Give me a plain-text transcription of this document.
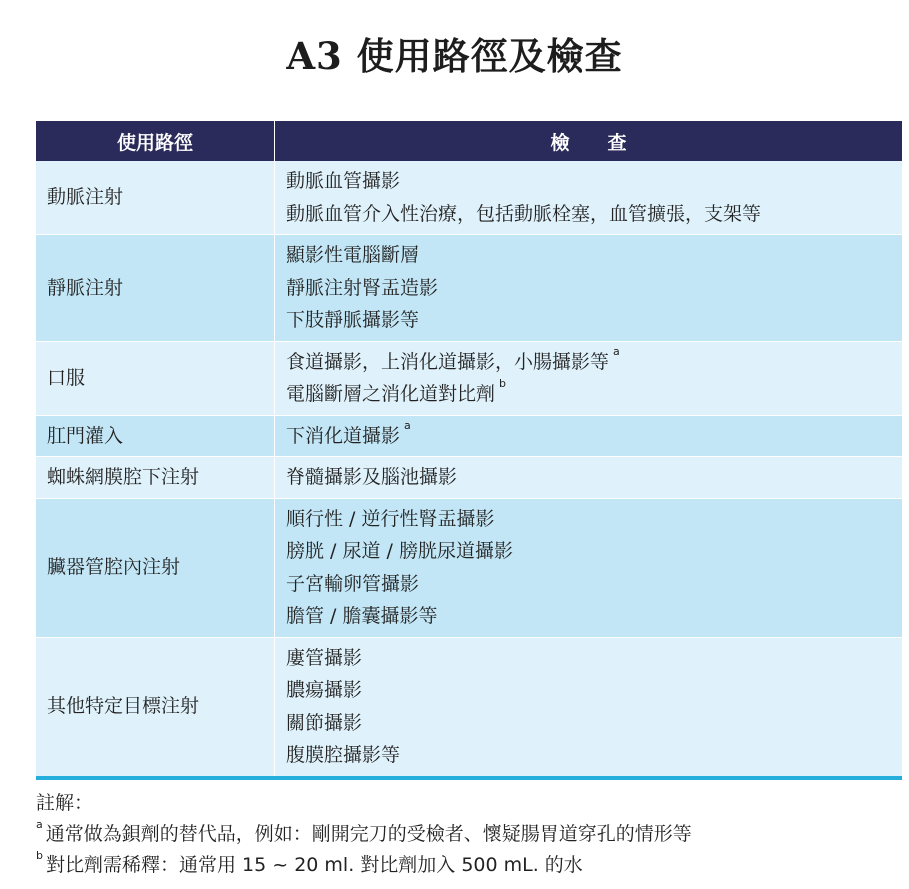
A3 使用路徑及檢查
使用路徑	檢　　查
動脈注射	動脈血管攝影
動脈血管介入性治療，包括動脈栓塞，血管擴張，支架等

靜脈注射	顯影性電腦斷層
靜脈注射腎盂造影
下肢靜脈攝影等

口服	食道攝影，上消化道攝影，小腸攝影等 $^a$
電腦斷層之消化道對比劑 $^b$

肛門灌入	下消化道攝影 $^a$

蜘蛛網膜腔下注射	脊髓攝影及腦池攝影

臟器管腔內注射	順行性 / 逆行性腎盂攝影
膀胱 / 尿道 / 膀胱尿道攝影
子宮輸卵管攝影
膽管 / 膽囊攝影等

其他特定目標注射	廔管攝影
膿瘍攝影
關節攝影
腹膜腔攝影等
註解：
$^a$ 通常做為鋇劑的替代品，例如：剛開完刀的受檢者、懷疑腸胃道穿孔的情形等
$^b$ 對比劑需稀釋：通常用 15 ~ 20 ml. 對比劑加入 500 mL. 的水
